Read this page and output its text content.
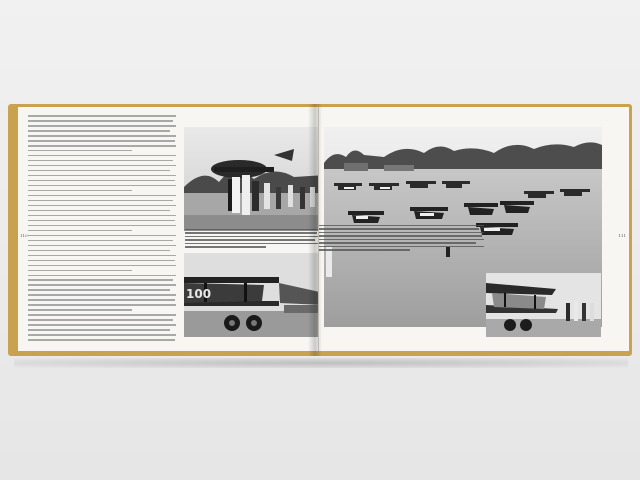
110
100
111
